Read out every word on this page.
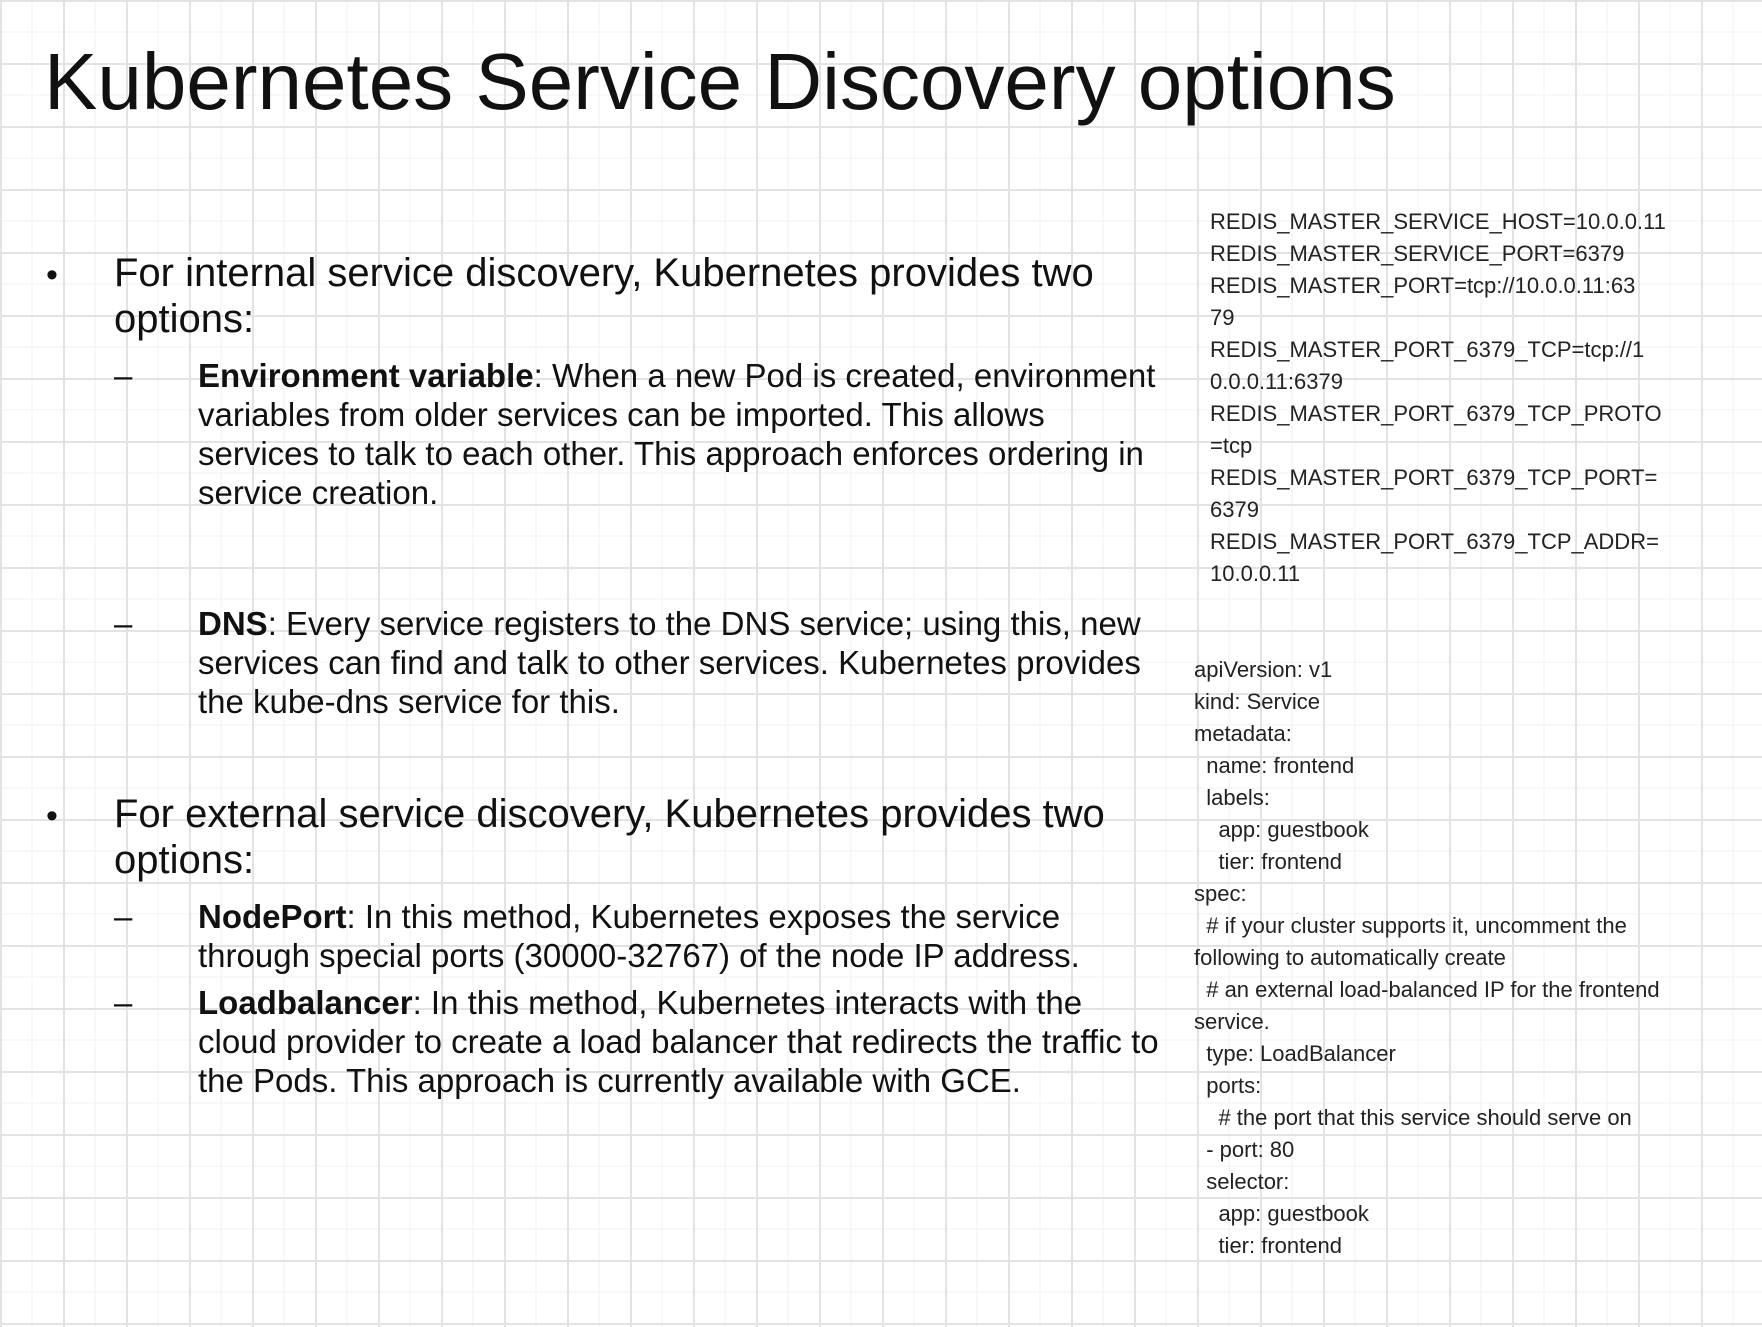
Kubernetes Service Discovery options
• For internal service discovery, Kubernetes provides two options:
– Environment variable: When a new Pod is created, environment variables from older services can be imported. This allows services to talk to each other. This approach enforces ordering in service creation.
– DNS: Every service registers to the DNS service; using this, new services can find and talk to other services. Kubernetes provides the kube-dns service for this.
• For external service discovery, Kubernetes provides two options:
– NodePort: In this method, Kubernetes exposes the service through special ports (30000-32767) of the node IP address.
– Loadbalancer: In this method, Kubernetes interacts with the cloud provider to create a load balancer that redirects the traffic to the Pods. This approach is currently available with GCE.
REDIS_MASTER_SERVICE_HOST=10.0.0.11
REDIS_MASTER_SERVICE_PORT=6379
REDIS_MASTER_PORT=tcp://10.0.0.11:63
79
REDIS_MASTER_PORT_6379_TCP=tcp://1
0.0.0.11:6379
REDIS_MASTER_PORT_6379_TCP_PROTO
=tcp
REDIS_MASTER_PORT_6379_TCP_PORT=
6379
REDIS_MASTER_PORT_6379_TCP_ADDR=
10.0.0.11
apiVersion: v1
kind: Service
metadata:
name: frontend
labels:
app: guestbook
tier: frontend
spec:
# if your cluster supports it, uncomment the
following to automatically create
# an external load-balanced IP for the frontend
service.
type: LoadBalancer
ports:
# the port that this service should serve on
- port: 80
selector:
app: guestbook
tier: frontend
